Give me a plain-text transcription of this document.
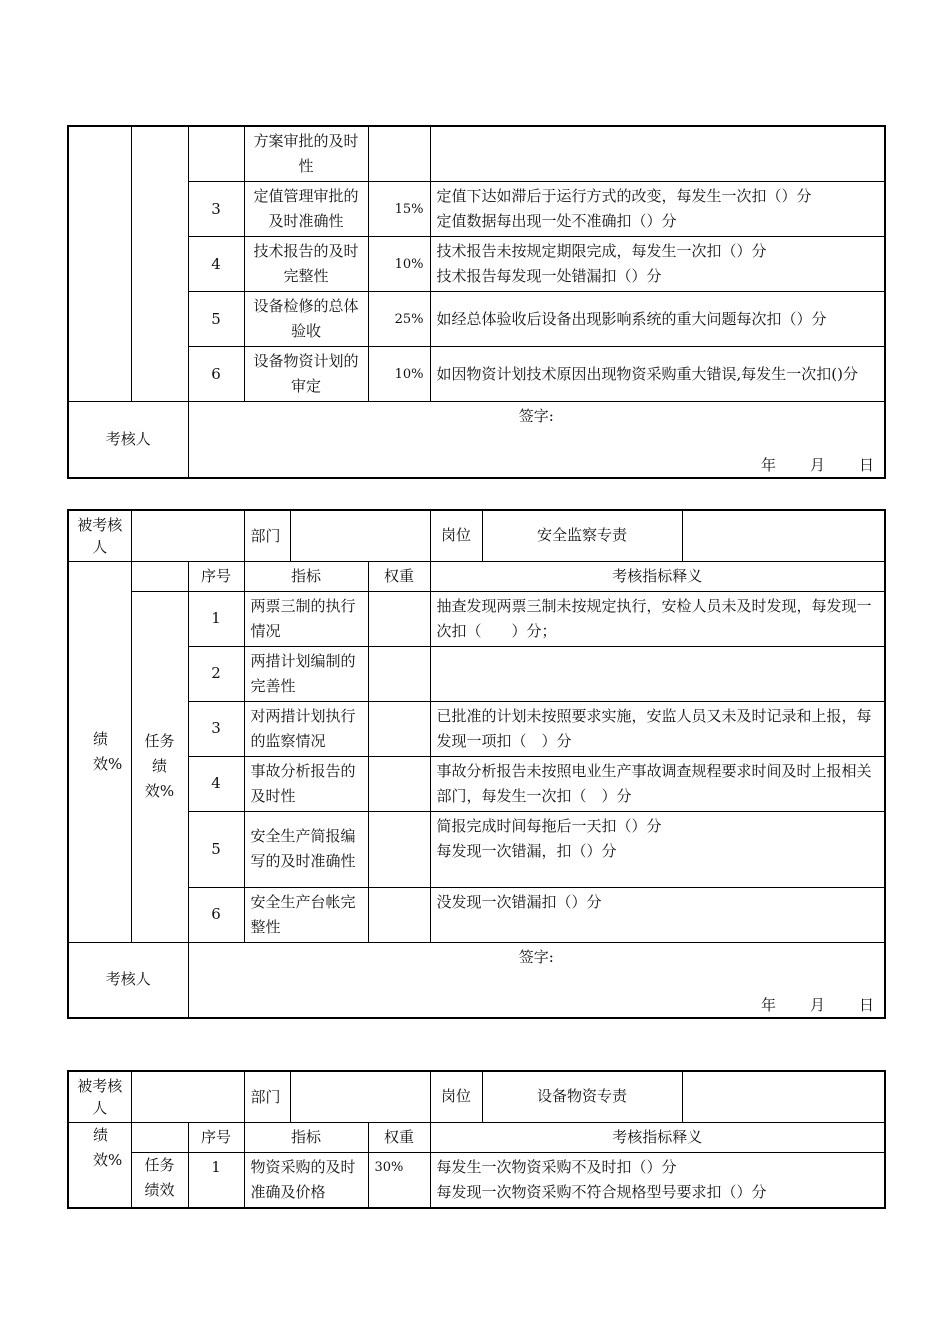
			方案审批的及时性		

		3	定值管理审批的及时准确性	15%	定值下达如滞后于运行方式的改变，每发生一次扣（）分
定值数据每出现一处不准确扣（）分

		4	技术报告的及时完整性	10%	技术报告未按规定期限完成，每发生一次扣（）分
技术报告每发现一处错漏扣（）分

		5	设备检修的总体验收	25%	如经总体验收后设备出现影响系统的重大问题每次扣（）分

		6	设备物资计划的审定	10%	如因物资计划技术原因出现物资采购重大错误,每发生一次扣()分

考核人		签字:
年 月 日			
被考核人			部门			岗位	安全监察专责	
绩效%		序号	指标		权重	考核指标释义		
	任务绩效%	1	两票三制的执行情况			抽查发现两票三制未按规定执行，安检人员未及时发现，每发现一次扣（　　）分；		
		2	两措计划编制的完善性					
		3	对两措计划执行的监察情况			已批准的计划未按照要求实施，安监人员又未及时记录和上报，每发现一项扣（　）分		
		4	事故分析报告的及时性			事故分析报告未按照电业生产事故调查规程要求时间及时上报相关部门，每发生一次扣（　）分		
		5	安全生产简报编写的及时准确性			简报完成时间每拖后一天扣（）分
每发现一次错漏，扣（）分		
		6	安全生产台帐完整性			没发现一次错漏扣（）分		
考核人		签字:
年 月 日						
被考核人			部门			岗位	设备物资专责	
绩效%		序号	指标		权重	考核指标释义		
	任务绩效	1	物资采购的及时准确及价格		30%	每发生一次物资采购不及时扣（）分
每发现一次物资采购不符合规格型号要求扣（）分		
